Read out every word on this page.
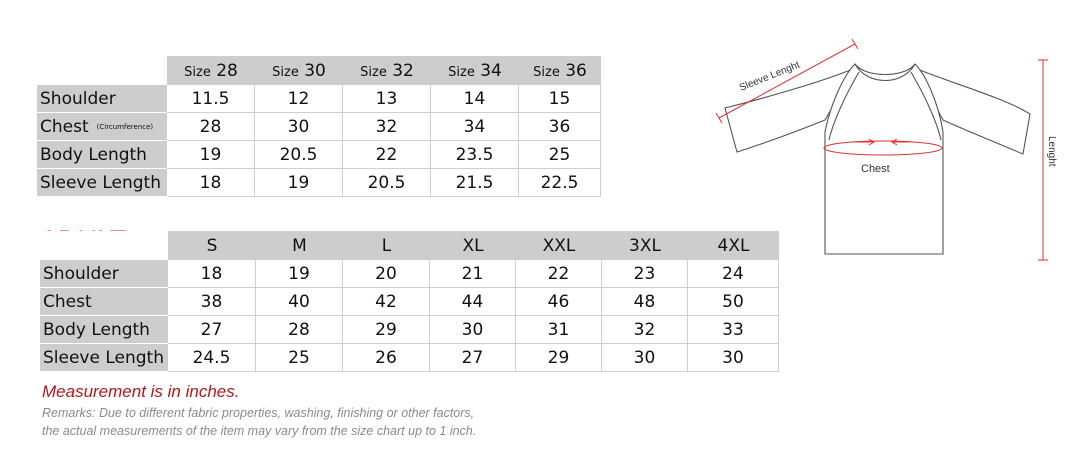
	Size 28	Size 30	Size 32	Size 34	Size 36
Shoulder	11.5	12	13	14	15
Chest (Circumference)	28	30	32	34	36
Body Length	19	20.5	22	23.5	25
Sleeve Length	18	19	20.5	21.5	22.5
	S	M	L	XL	XXL	3XL	4XL
Shoulder	18	19	20	21	22	23	24
Chest	38	40	42	44	46	48	50
Body Length	27	28	29	30	31	32	33
Sleeve Length	24.5	25	26	27	29	30	30
Measurement is in inches.
Remarks: Due to different fabric properties, washing, finishing or other factors,
the actual measurements of the item may vary from the size chart up to 1 inch.
Sleeve Lenght
Chest
Lenght
